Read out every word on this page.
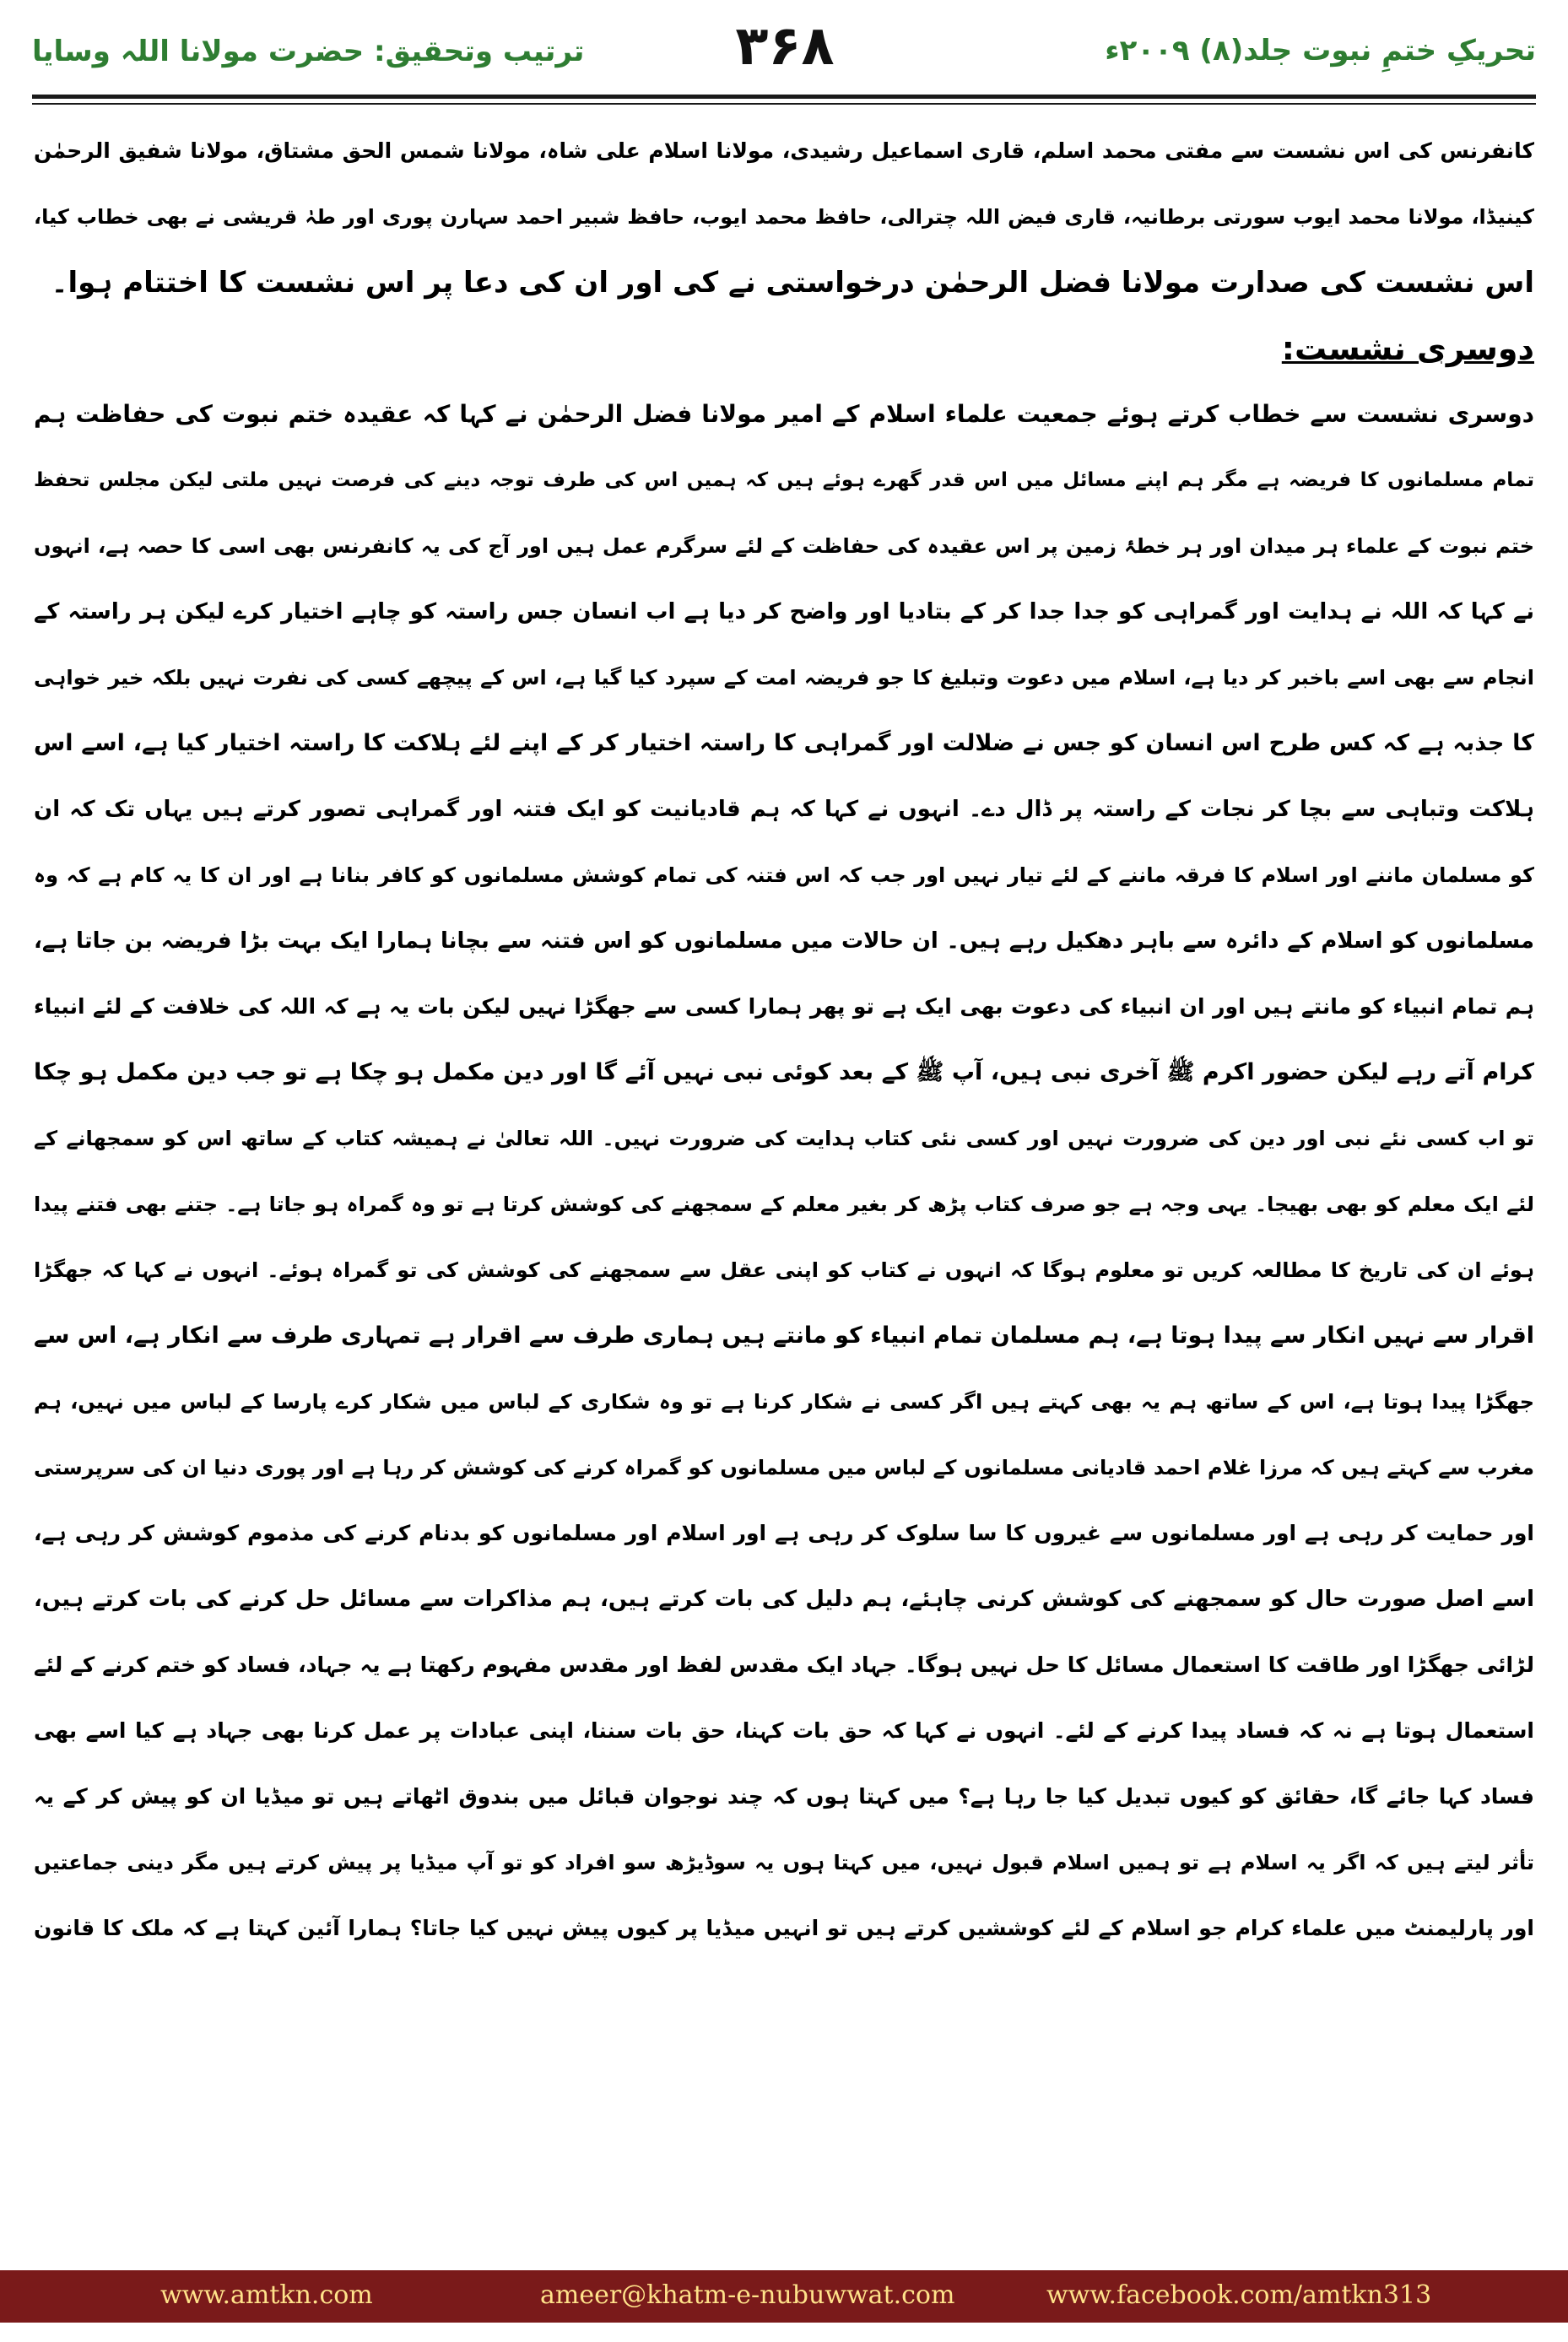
ترتیب وتحقیق: حضرت مولانا اللہ وسایا	۳۶۸	تحریکِ ختمِ نبوت جلد(۸) ۲۰۰۹ء
کانفرنس کی اس نشست سے مفتی محمد اسلم، قاری اسماعیل رشیدی، مولانا اسلام علی شاہ، مولانا شمس الحق مشتاق، مولانا شفیق الرحمٰن
کینیڈا، مولانا محمد ایوب سورتی برطانیہ، قاری فیض اللہ چترالی، حافظ محمد ایوب، حافظ شبیر احمد سہارن پوری اور طہٰ قریشی نے بھی خطاب کیا،
اس نشست کی صدارت مولانا فضل الرحمٰن درخواستی نے کی اور ان کی دعا پر اس نشست کا اختتام ہوا۔
دوسری نشست:
دوسری نشست سے خطاب کرتے ہوئے جمعیت علماء اسلام کے امیر مولانا فضل الرحمٰن نے کہا کہ عقیدہ ختم نبوت کی حفاظت ہم
تمام مسلمانوں کا فریضہ ہے مگر ہم اپنے مسائل میں اس قدر گھرے ہوئے ہیں کہ ہمیں اس کی طرف توجہ دینے کی فرصت نہیں ملتی لیکن مجلس تحفظ
ختم نبوت کے علماء ہر میدان اور ہر خطۂ زمین پر اس عقیدہ کی حفاظت کے لئے سرگرم عمل ہیں اور آج کی یہ کانفرنس بھی اسی کا حصہ ہے، انہوں
نے کہا کہ اللہ نے ہدایت اور گمراہی کو جدا جدا کر کے بتادیا اور واضح کر دیا ہے اب انسان جس راستہ کو چاہے اختیار کرے لیکن ہر راستہ کے
انجام سے بھی اسے باخبر کر دیا ہے، اسلام میں دعوت وتبلیغ کا جو فریضہ امت کے سپرد کیا گیا ہے، اس کے پیچھے کسی کی نفرت نہیں بلکہ خیر خواہی
کا جذبہ ہے کہ کس طرح اس انسان کو جس نے ضلالت اور گمراہی کا راستہ اختیار کر کے اپنے لئے ہلاکت کا راستہ اختیار کیا ہے، اسے اس
ہلاکت وتباہی سے بچا کر نجات کے راستہ پر ڈال دے۔ انہوں نے کہا کہ ہم قادیانیت کو ایک فتنہ اور گمراہی تصور کرتے ہیں یہاں تک کہ ان
کو مسلمان ماننے اور اسلام کا فرقہ ماننے کے لئے تیار نہیں اور جب کہ اس فتنہ کی تمام کوشش مسلمانوں کو کافر بنانا ہے اور ان کا یہ کام ہے کہ وہ
مسلمانوں کو اسلام کے دائرہ سے باہر دھکیل رہے ہیں۔ ان حالات میں مسلمانوں کو اس فتنہ سے بچانا ہمارا ایک بہت بڑا فریضہ بن جاتا ہے،
ہم تمام انبیاء کو مانتے ہیں اور ان انبیاء کی دعوت بھی ایک ہے تو پھر ہمارا کسی سے جھگڑا نہیں لیکن بات یہ ہے کہ اللہ کی خلافت کے لئے انبیاء
کرام آتے رہے لیکن حضور اکرم ﷺ آخری نبی ہیں، آپ ﷺ کے بعد کوئی نبی نہیں آئے گا اور دین مکمل ہو چکا ہے تو جب دین مکمل ہو چکا
تو اب کسی نئے نبی اور دین کی ضرورت نہیں اور کسی نئی کتاب ہدایت کی ضرورت نہیں۔ اللہ تعالیٰ نے ہمیشہ کتاب کے ساتھ اس کو سمجھانے کے
لئے ایک معلم کو بھی بھیجا۔ یہی وجہ ہے جو صرف کتاب پڑھ کر بغیر معلم کے سمجھنے کی کوشش کرتا ہے تو وہ گمراہ ہو جاتا ہے۔ جتنے بھی فتنے پیدا
ہوئے ان کی تاریخ کا مطالعہ کریں تو معلوم ہوگا کہ انہوں نے کتاب کو اپنی عقل سے سمجھنے کی کوشش کی تو گمراہ ہوئے۔ انہوں نے کہا کہ جھگڑا
اقرار سے نہیں انکار سے پیدا ہوتا ہے، ہم مسلمان تمام انبیاء کو مانتے ہیں ہماری طرف سے اقرار ہے تمہاری طرف سے انکار ہے، اس سے
جھگڑا پیدا ہوتا ہے، اس کے ساتھ ہم یہ بھی کہتے ہیں اگر کسی نے شکار کرنا ہے تو وہ شکاری کے لباس میں شکار کرے پارسا کے لباس میں نہیں، ہم
مغرب سے کہتے ہیں کہ مرزا غلام احمد قادیانی مسلمانوں کے لباس میں مسلمانوں کو گمراہ کرنے کی کوشش کر رہا ہے اور پوری دنیا ان کی سرپرستی
اور حمایت کر رہی ہے اور مسلمانوں سے غیروں کا سا سلوک کر رہی ہے اور اسلام اور مسلمانوں کو بدنام کرنے کی مذموم کوشش کر رہی ہے،
اسے اصل صورت حال کو سمجھنے کی کوشش کرنی چاہئے، ہم دلیل کی بات کرتے ہیں، ہم مذاکرات سے مسائل حل کرنے کی بات کرتے ہیں،
لڑائی جھگڑا اور طاقت کا استعمال مسائل کا حل نہیں ہوگا۔ جہاد ایک مقدس لفظ اور مقدس مفہوم رکھتا ہے یہ جہاد، فساد کو ختم کرنے کے لئے
استعمال ہوتا ہے نہ کہ فساد پیدا کرنے کے لئے۔ انہوں نے کہا کہ حق بات کہنا، حق بات سننا، اپنی عبادات پر عمل کرنا بھی جہاد ہے کیا اسے بھی
فساد کہا جائے گا، حقائق کو کیوں تبدیل کیا جا رہا ہے؟ میں کہتا ہوں کہ چند نوجوان قبائل میں بندوق اٹھاتے ہیں تو میڈیا ان کو پیش کر کے یہ
تأثر لیتے ہیں کہ اگر یہ اسلام ہے تو ہمیں اسلام قبول نہیں، میں کہتا ہوں یہ سوڈیڑھ سو افراد کو تو آپ میڈیا پر پیش کرتے ہیں مگر دینی جماعتیں
اور پارلیمنٹ میں علماء کرام جو اسلام کے لئے کوششیں کرتے ہیں تو انہیں میڈیا پر کیوں پیش نہیں کیا جاتا؟ ہمارا آئین کہتا ہے کہ ملک کا قانون
www.amtkn.com	ameer@khatm-e-nubuwwat.com	www.facebook.com/amtkn313
